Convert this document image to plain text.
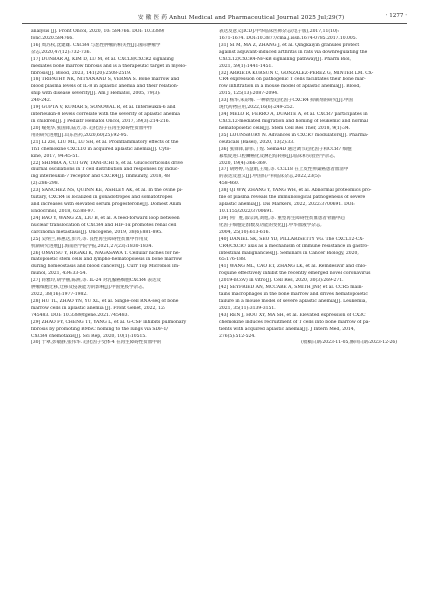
安 徽 医 药 Anhui Medical and Pharmaceutical Journal 2025 Jul;29(7)	· 1277 ·
analysis [J]. Front Oncol, 2020, 10: 584766. DOI: 10.3389/
fonc.2020.584766.
[16] 周苏权,沈建雄. CXCR4 与恶性肿瘤的相关性[J].国际肿瘤学
杂志,2020,47(12):732-736.
[17] DUNBAR AJ, KIM D, LU M, et al. CXCL8/CXCR2 signaling
mediates bone marrow fibrosis and is a therapeutic target in myelo-
fibrosis[J]. Blood, 2023, 141(20):2508-2519.
[18] TRIPATHY NK, NITYANAND S, VERMA S. Bone marrow and
blood plasma levels of IL-8 in aplastic anemia and their relation-
ship with disease severity[J]. Am J Hematol, 2005, 79(3):
240-242.
[19] GUPTA V, KUMAR S, SONOWAL R, et al. Interleukin-6 and
interleukin-8 levels correlate with the severity of aplastic anemia
in children[J]. J Pediatr Hematol Oncol, 2017, 39(3):214-216.
[20] 喻苑华,张国锋,陆芳,等. 趋化因子在再生障碍性贫血中作
用的研究进展[J].山东医药,2020,60(25):92-95.
[21] LI ZH, LIU ML, LU SH, et al. Proinflammatory effects of the
Th1 chemokine CXCL10 in acquired aplastic anemia[J]. Cyto-
kine, 2017, 94:45-51.
[22] SHIMBA A, CUI GW, TANI-ICHI S, et al. Glucocorticoids drive
diurnal oscillations in T cell distribution and responses by induc-
ing interleukin-7 receptor and CXCR4[J]. Immunity, 2018, 48
(2):286-298.
[23] SANCHEZ NS, QUINN KE, ASHLEY AK, et al. In the ovine pi-
tuitary, CXCR4 is localized in gonadotropes and somatotropes
and increases with elevated serum progesterone[J]. Domest Anim
Endocrinol, 2018, 62:88-97.
[24] BAO Y, WANG ZX, LIU B, et al. A feed-forward loop between
nuclear translocation of CXCR4 and HIF-1α promotes renal cell
carcinoma metastasis[J]. Oncogene, 2019, 38(6):881-895.
[25] 吴纳兰,韩惠达,彭兴,等. 良性再生障碍性贫血中作用及
机制研究进展[J].海南医学院学报,2021,27(23):1830-1834.
[26] OMATSU Y, HIGAKI K, NAGASAWA T. Cellular niches for he-
matopoietic stem cells and lympho-hematopoiesis in bone marrow
during homeostasis and blood cancers[J]. Curr Top Microbiol Im-
munol, 2021, 434:33-54.
[27] 蒋雅玲,胡学丽,陈洲,等. IL-24 对乳腺癌细胞CXCR4 表达及
肿瘤细胞迁移,迁移及侵袭能力的影响[J].中国免疫学杂志,
2022, 38(16):1977-1982.
[28] HU TL, ZHAO YN, YU XL, et al. Single-cell RNA-seq of bone
marrow cells in aplastic anemia [J]. Front Genet, 2022, 12:
745483. DOI: 10.3389/fgene.2021.745483.
[29] ZHAO FY, CHENG TT, YANG L, et al. G-CSF inhibits pulmonary
fibrosis by promoting BMSC homing to the lungs via SDF-1/
CXCR4 chemotaxis[J]. Sci Rep, 2020, 10(1):10515.
[30] 于翠,彭敏静,张伟华. 趋化因子受体-4 在再生障碍性贫血中的
表达及意义[ICD].中华临床医师杂志(电子版),2017,11(10):
1671-1674. DOI:10.3877/cma.j.issn.1674-0785.2017.10.005.
[31] SI M, MA Z, ZHANG J, et al. Qingkaiyin granules protect
against adjuvant-induced arthritis in rats via downregulating the
CXCL12/CXCR4-NF-κB signalling pathway[J]. Pharm Biol,
2021, 59(1):1441-1451.
[32] ARRIETA KURSUN C, GONZALEZ-PEREZ G, MINTER LM. CX-
CR4 expression on pathogenic T cells facilitates their bone mar-
row infiltration in a mouse model of aplastic anemia[J]. Blood,
2015, 125(13):2087-2094.
[33] 杨华,朱彩梅. 一种新型趋化因子CXCR4 抑制剂的研究[J].中国
现代药物应用,2022,16(6):249-252.
[34] MELO R, FERRO A, DUARTE A, et al. CXCR7 participates in
CXCL12-mediated migration and homing of leukemic and normal
hematopoietic cells[J]. Stem Cell Res Ther, 2018, 9(1):34.
[35] LOUNSBURY N. Advances in CXCR7 modulators[J]. Pharma-
ceuticals (Basel), 2020, 13(2):33.
[36] 张锋锋,薛伟,丁煌. Sema4D 通过调节趋化因子和CCR7 细胞
募集促进口腔鳞癌化及淋巴结转移[J].临床和实验医学杂志,
2020, 19(4):366-369.
[37] 胡婷婷,马慧娟,王娟,等. CCL18 在上皮性卵巢癌患者血清中
的表达及意义[J].中国妇产科临床杂志,2022,23(5):
458-460.
[38] QI WW, ZHANG Y, YANG WH, et al. Abnormal proteomics pro-
file of plasma reveals the immunological pathogenesis of severe
aplastic anemia[J]. Dis Markers, 2022, 2022:3700691. DOI:
10.1155/2022/3700691.
[39] 何广胜,邵宗鸿,刘旭,等. 重型再生障碍性贫血患者骨髓中趋
化因子细胞定群数及功能的变化[J].中华血液学杂志,
2004, 25(10):613-616.
[40] DANIEL SK, SEO YD, PILLARISETTY VG. The CXCL12-CX-
CR4/CXCR7 axis as a mechanism of immune resistance in gastro-
intestinal malignancies[J]. Seminars in Cancer Biology, 2020,
65:176-188.
[41] WANG ML, CAO ET, ZHANG LK, et al. Remdesivir and chlo-
roquine effectively inhibit the recently emerged novel coronavirus
(2019-nCoV) in vitro[J]. Cell Res, 2020, 30(3):269-271.
[42] SEYFRIED AN, MCCABE A, SMITH JNP, et al. CCR5 main-
tains macrophages in the bone marrow and drives hematopoietic
failure in a mouse model of severe aplastic anemia[J]. Leukemia,
2021, 35(11):3139-3151.
[43] REN J, HOU XY, MA SH, et al. Elevated expression of CX3C
chemokine induces recruitment of T cells into bone marrow of pa-
tients with acquired aplastic anemia[J]. J Intern Med, 2014,
276(5):512-524.
(收稿日期:2023-11-05,修回日期:2023-12-26)
